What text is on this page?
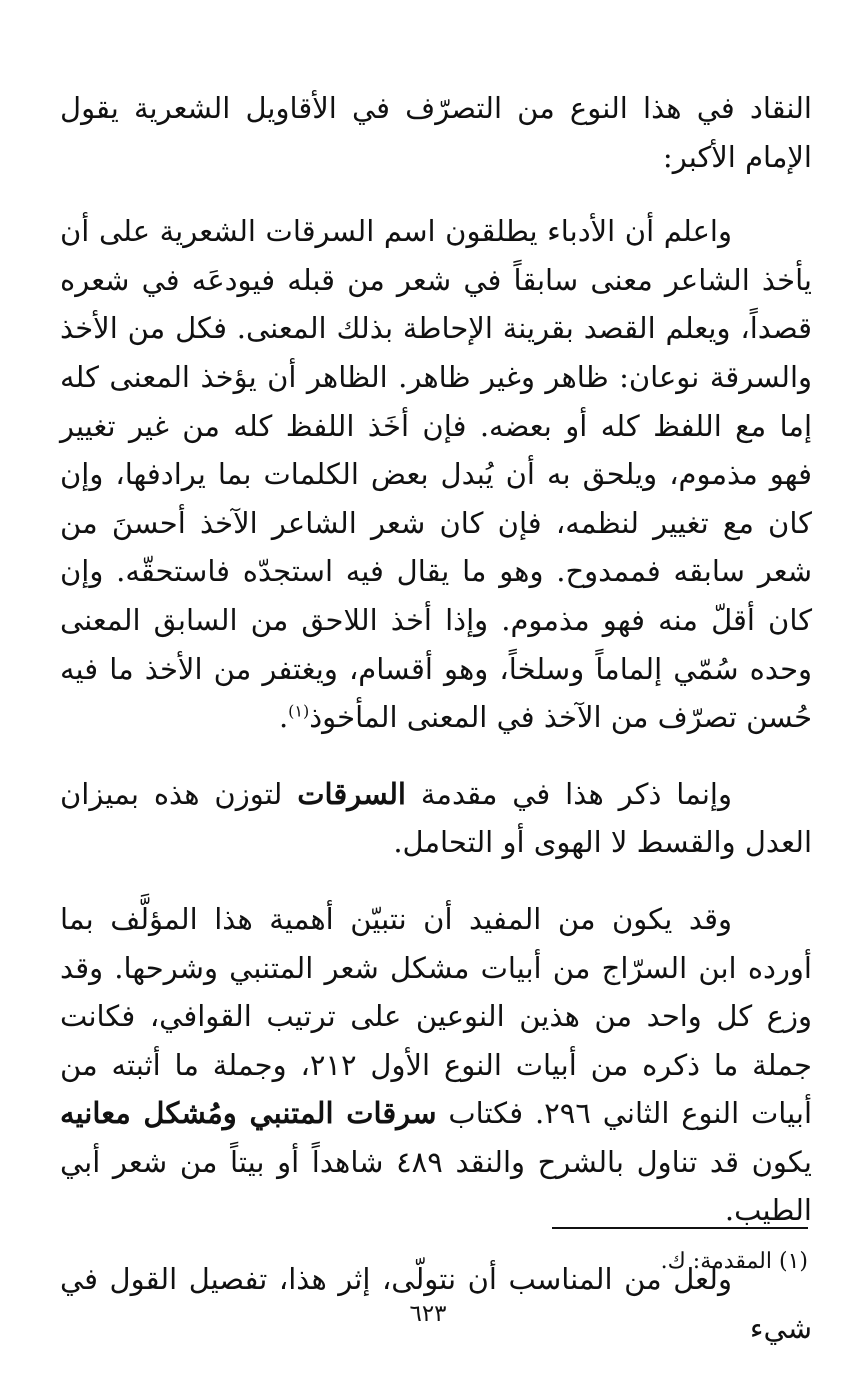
النقاد في هذا النوع من التصرّف في الأقاويل الشعرية يقول الإمام الأكبر:

واعلم أن الأدباء يطلقون اسم السرقات الشعرية على أن يأخذ الشاعر معنى سابقاً في شعر من قبله فيودعَه في شعره قصداً، ويعلم القصد بقرينة الإحاطة بذلك المعنى. فكل من الأخذ والسرقة نوعان: ظاهر وغير ظاهر. الظاهر أن يؤخذ المعنى كله إما مع اللفظ كله أو بعضه. فإن أخَذ اللفظ كله من غير تغيير فهو مذموم، ويلحق به أن يُبدل بعض الكلمات بما يرادفها، وإن كان مع تغيير لنظمه، فإن كان شعر الشاعر الآخذ أحسنَ من شعر سابقه فممدوح. وهو ما يقال فيه استجدّه فاستحقّه. وإن كان أقلّ منه فهو مذموم. وإذا أخذ اللاحق من السابق المعنى وحده سُمّي إلماماً وسلخاً، وهو أقسام، ويغتفر من الأخذ ما فيه حُسن تصرّف من الآخذ في المعنى المأخوذ$^{(١)}$.

وإنما ذكر هذا في مقدمة السرقات لتوزن هذه بميزان العدل والقسط لا الهوى أو التحامل.

وقد يكون من المفيد أن نتبيّن أهمية هذا المؤلَّف بما أورده ابن السرّاج من أبيات مشكل شعر المتنبي وشرحها. وقد وزع كل واحد من هذين النوعين على ترتيب القوافي، فكانت جملة ما ذكره من أبيات النوع الأول ٢١٢، وجملة ما أثبته من أبيات النوع الثاني ٢٩٦. فكتاب سرقات المتنبي ومُشكل معانيه يكون قد تناول بالشرح والنقد ٤٨٩ شاهداً أو بيتاً من شعر أبي الطيب.

ولعل من المناسب أن نتولّى، إثر هذا، تفصيل القول في شيء

(١) المقدمة: ك.
٦٢٣
